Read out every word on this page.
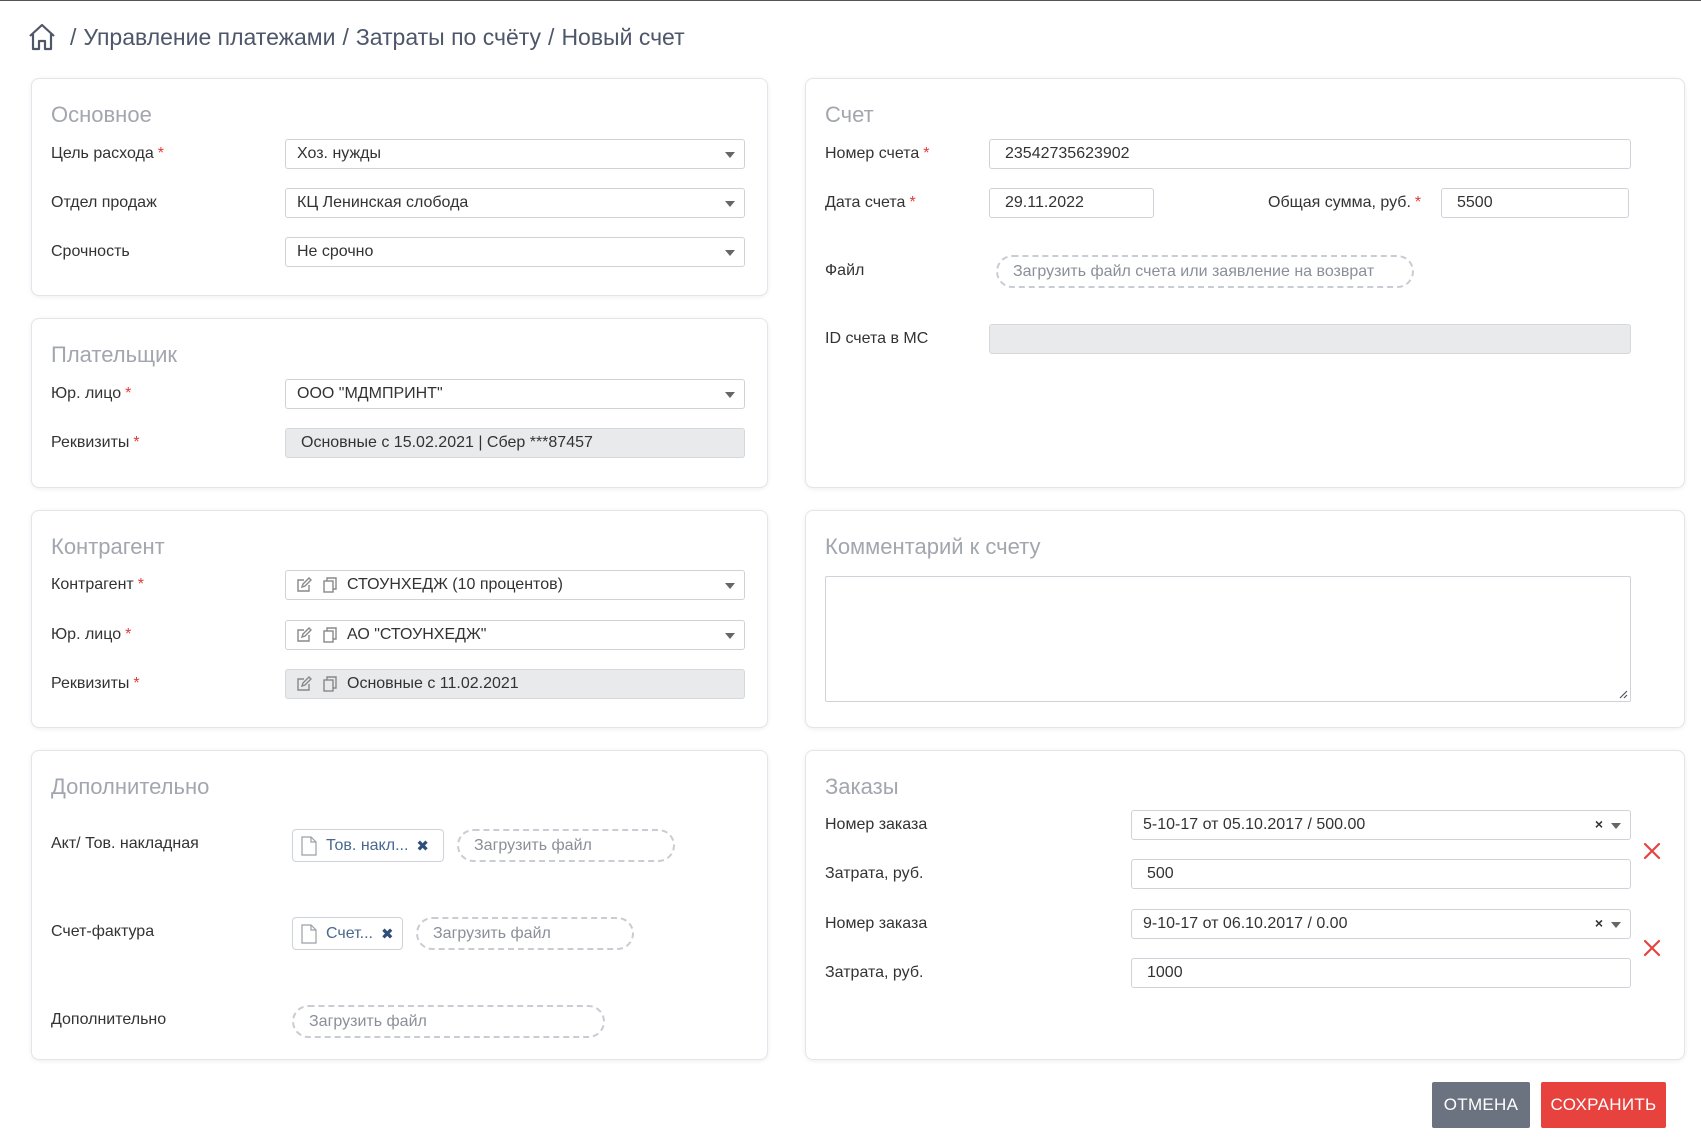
/ Управление платежами / Затраты по счёту / Новый счет
Основное
Цель расхода *	Хоз. нужды
Отдел продаж	КЦ Ленинская слобода
Срочность	Не срочно
Плательщик
Юр. лицо *	ООО "МДМПРИНТ"
Реквизиты *	Основные с 15.02.2021 | Сбер ***87457
Контрагент
Контрагент *	СТОУНХЕДЖ (10 процентов)
Юр. лицо *	АО "СТОУНХЕДЖ"
Реквизиты *	Основные с 11.02.2021
Дополнительно
Акт/ Тов. накладная	Тов. накл... ✖	Загрузить файл
Счет-фактура	Счет... ✖	Загрузить файл
Дополнительно	Загрузить файл
Счет
Номер счета *	23542735623902
Дата счета *	29.11.2022	Общая сумма, руб. *	5500
Файл	Загрузить файл счета или заявление на возврат
ID счета в МС
Комментарий к счету
Заказы
Номер заказа	5-10-17 от 05.10.2017 / 500.00	×
Затрата, руб.	500
Номер заказа	9-10-17 от 06.10.2017 / 0.00	×
Затрата, руб.	1000
ОТМЕНА	СОХРАНИТЬ
